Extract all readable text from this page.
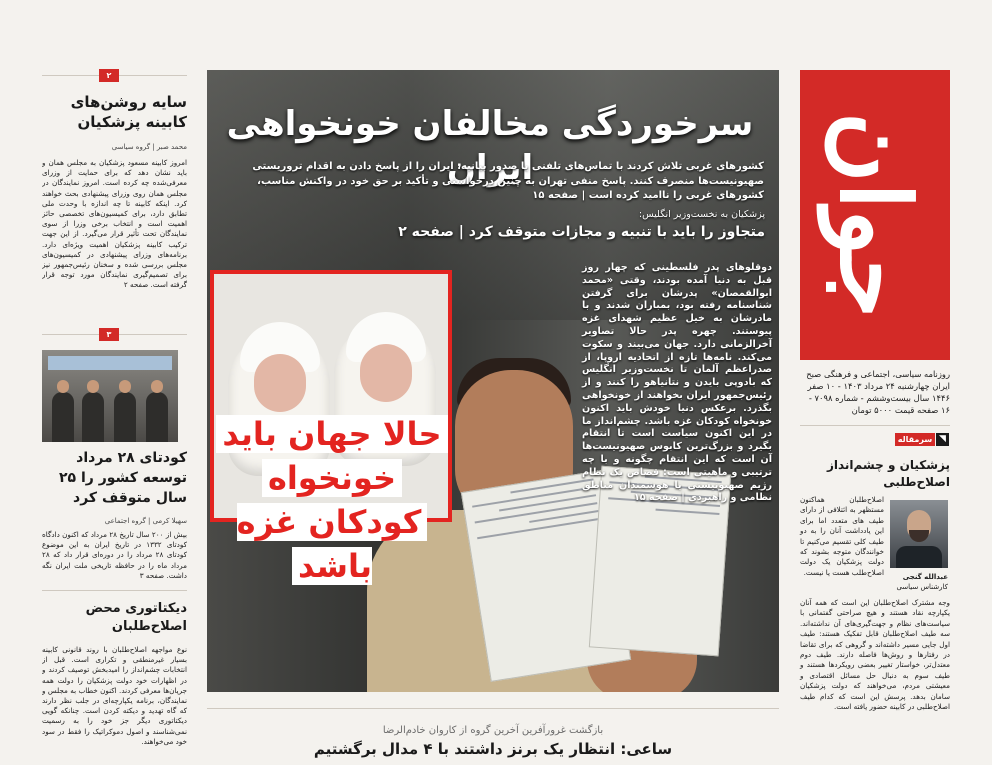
جوان
روزنامه سیاسی، اجتماعی و فرهنگی صبح ایران چهارشنبه ۲۴ مرداد ۱۴۰۳ - ۱۰ صفر ۱۴۴۶ سال بیست‌وششم - شماره ۷۰۹۸ - ۱۶ صفحه قیمت ۵۰۰۰ تومان
◥
سرمقاله
پزشکیان و چشم‌انداز اصلاح‌طلبی
عبدالله گنجی
کارشناس سیاسی
اصلاح‌طلبان هماکنون مستظهر به ائتلافی از دارای طیف های متعدد اما برای این یادداشت آنان را به دو طیف کلی تقسیم می‌کنیم تا خوانندگان متوجه بشوند که دولت پزشکیان یک دولت اصلاح‌طلب هست یا نیست.
وجه مشترک اصلاح‌طلبان این است که همه آنان یکپارچه نقاد هستند و هیچ صراحتی گفتمانی با سیاست‌های نظام و جهت‌گیری‌های آن نداشته‌اند. سه طیف اصلاح‌طلبان قابل تفکیک هستند: طیف اول جایی مسیر داشته‌اند و گروهی که برای تقاضا در رفتارها و روش‌ها فاصله دارند. طیف دوم معتدل‌تر، خواستار تغییر بعضی رویکردها هستند و طیف سوم به دنبال حل مسائل اقتصادی و معیشتی مردم، می‌خواهند که دولت پزشکیان سامان بدهد. پرسش این است که کدام طیف اصلاح‌طلبی در کابینه حضور یافته است.
سرخوردگی مخالفان خونخواهی ایران
کشورهای غربی تلاش کردند با تماس‌های تلفنی یا صدور بیانیه، ایران را از پاسخ دادن به اقدام تروریستی صهیونیست‌ها منصرف کنند. پاسخ منفی تهران به چنین درخواستی و تأکید بر حق خود در واکنش مناسب، کشورهای غربی را ناامید کرده است | صفحه ۱۵
پزشکیان به نخست‌وزیر انگلیس:
متجاوز را باید با تنبیه و مجازات متوقف کرد | صفحه ۲
دوقلوهای پدر فلسطینی که چهار روز قبل به دنیا آمده بودند، وقتی «محمد ابوالقمصان» پدرشان برای گرفتن شناسنامه رفته بود، بمباران شدند و با مادرشان به خیل عظیم شهدای غزه پیوستند. چهره پدر حالا تصاویر آخرالزمانی دارد. جهان می‌بیند و سکوت می‌کند. نامه‌ها تازه از اتحادیه اروپا، از صدراعظم آلمان تا نخست‌وزیر انگلیس که بادوپی بایدن و نتانیاهو را کنند و از رئیس‌جمهور ایران بخواهند از خونخواهی بگذرد. برعکس دنیا خودش باید اکنون خونخواه کودکان غزه باشد. چشم‌انداز ما در این اکنون سیاست است تا انتقام بگیرد و بزرگ‌ترین کابوس صهیونیست‌ها آن است که این انتقام چگونه و با چه ترتیبی و ماهیتی است: قصاص یک نظام رژیم صهیونیستی یا هوشمندان مناطق نظامی و راهبردی | صفحه ۱۵
حالا جهان باید
خونخواه
کودکان غزه باشد
بازگشت غرورآفرین آخرین گروه از کاروان خادم‌الرضا
ساعی: انتظار یک برنز داشتند با ۴ مدال برگشتیم
۲
سایه روشن‌های کابینه پزشکیان
محمد صبر | گروه سیاسی
امروز کابینه مسعود پزشکیان به مجلس همان و باید نشان دهد که برای حمایت از وزرای معرفی‌شده چه کرده است. امروز نمایندگان در مجلس همان روی وزرای پیشنهادی بحث خواهند کرد. اینکه کابینه تا چه اندازه با وحدت ملی تطابق دارد، برای کمیسیون‌های تخصصی حائز اهمیت است و انتخاب برخی وزرا از سوی نمایندگان تحت تأثیر قرار می‌گیرد. از این جهت ترکیب کابینه پزشکیان اهمیت ویژه‌ای دارد. برنامه‌های وزرای پیشنهادی در کمیسیون‌های مجلس بررسی شده و سخنان رئیس‌جمهور نیز برای تصمیم‌گیری نمایندگان مورد توجه قرار گرفته است. صفحه ۲
۳
کودتای ۲۸ مرداد توسعه کشور را ۲۵ سال متوقف کرد
سهیلا کرمی | گروه اجتماعی
بیش از ۲۰۰ سال تاریخ ۲۸ مرداد که اکنون دادگاه کودتای ۱۳۳۲ در تاریخ ایران به این موضوع کودتای ۲۸ مرداد را در دوره‌ای قرار داد که ۲۸ مرداد ماه را در حافظه تاریخی ملت ایران نگه داشت. صفحه ۳
دیکتاتوری محض اصلاح‌طلبان
نوع مواجهه اصلاح‌طلبان با روند قانونی کابینه بسیار غیرمنطقی و تکراری است. قبل از انتخابات چشم‌انداز را امیدبخش توصیف کردند و در اظهارات خود دولت پزشکیان را دولت همه جریان‌ها معرفی کردند. اکنون خطاب به مجلس و نمایندگان، برنامه یکپارچه‌ای در جلب نظر دارند که گاه تهدید و دیکته کردن است. چنانکه گویی دیکتاتوری دیگر جز خود را به رسمیت نمی‌شناسند و اصول دموکراتیک را فقط در سود خود می‌خواهند.
